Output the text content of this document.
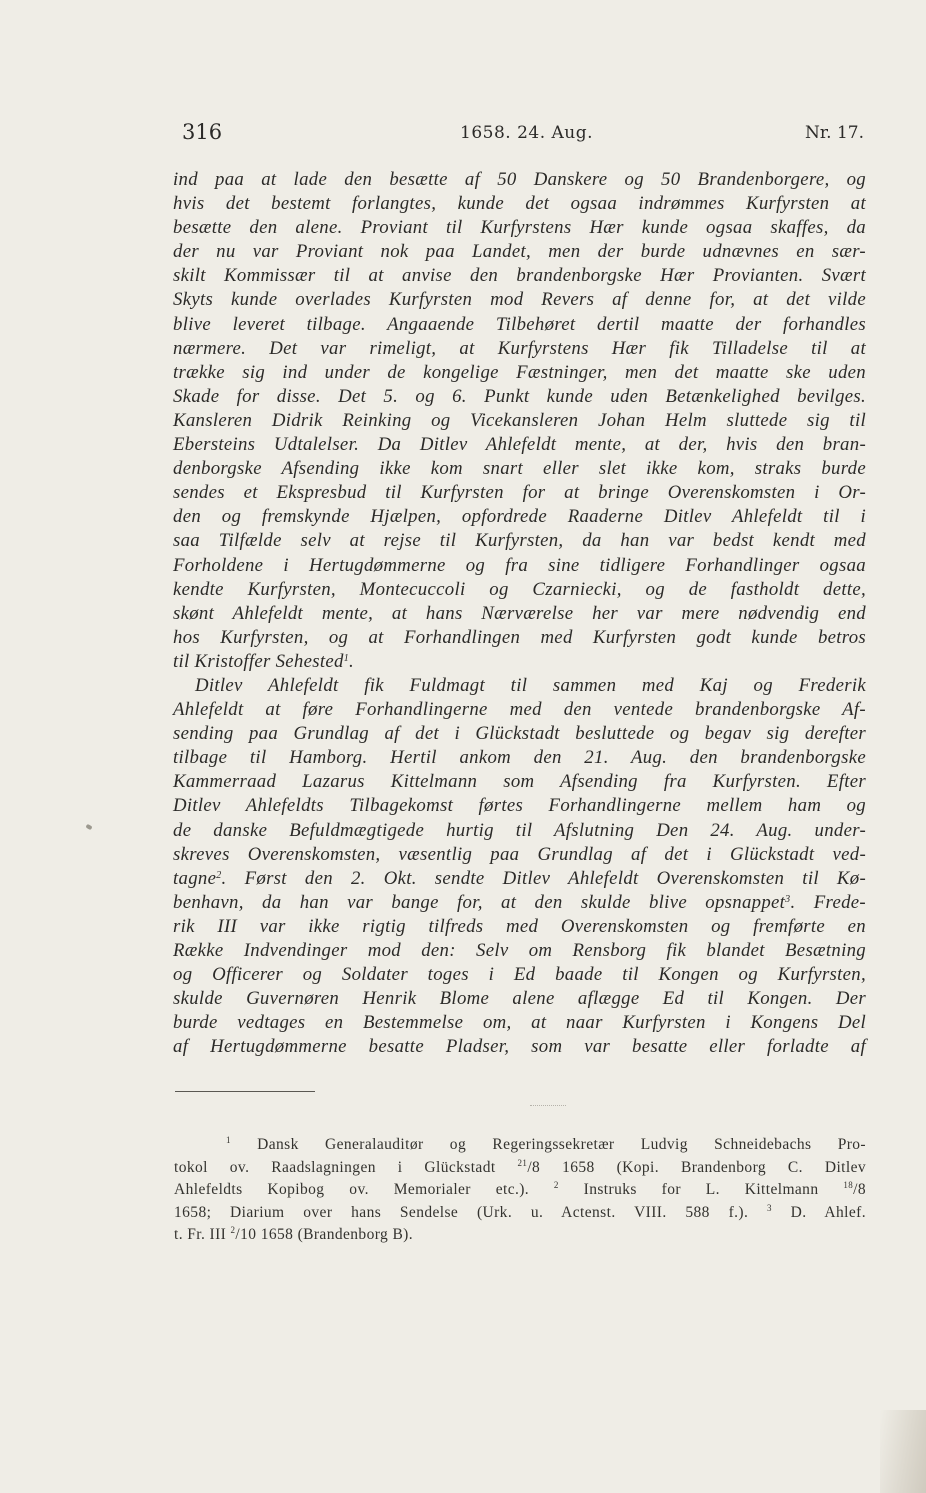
316	1658. 24. Aug.	Nr. 17.
ind paa at lade den besætte af 50 Danskere og 50 Brandenborgere, og
hvis det bestemt forlangtes, kunde det ogsaa indrømmes Kurfyrsten at
besætte den alene. Proviant til Kurfyrstens Hær kunde ogsaa skaffes, da
der nu var Proviant nok paa Landet, men der burde udnævnes en sær-
skilt Kommissær til at anvise den brandenborgske Hær Provianten. Svært
Skyts kunde overlades Kurfyrsten mod Revers af denne for, at det vilde
blive leveret tilbage. Angaaende Tilbehøret dertil maatte der forhandles
nærmere. Det var rimeligt, at Kurfyrstens Hær fik Tilladelse til at
trække sig ind under de kongelige Fæstninger, men det maatte ske uden
Skade for disse. Det 5. og 6. Punkt kunde uden Betænkelighed bevilges.
Kansleren Didrik Reinking og Vicekansleren Johan Helm sluttede sig til
Ebersteins Udtalelser. Da Ditlev Ahlefeldt mente, at der, hvis den bran-
denborgske Afsending ikke kom snart eller slet ikke kom, straks burde
sendes et Ekspresbud til Kurfyrsten for at bringe Overenskomsten i Or-
den og fremskynde Hjælpen, opfordrede Raaderne Ditlev Ahlefeldt til i
saa Tilfælde selv at rejse til Kurfyrsten, da han var bedst kendt med
Forholdene i Hertugdømmerne og fra sine tidligere Forhandlinger ogsaa
kendte Kurfyrsten, Montecuccoli og Czarniecki, og de fastholdt dette,
skønt Ahlefeldt mente, at hans Nærværelse her var mere nødvendig end
hos Kurfyrsten, og at Forhandlingen med Kurfyrsten godt kunde betros
til Kristoffer Sehested$^1$.
Ditlev Ahlefeldt fik Fuldmagt til sammen med Kaj og Frederik
Ahlefeldt at føre Forhandlingerne med den ventede brandenborgske Af-
sending paa Grundlag af det i Glückstadt besluttede og begav sig derefter
tilbage til Hamborg. Hertil ankom den 21. Aug. den brandenborgske
Kammerraad Lazarus Kittelmann som Afsending fra Kurfyrsten. Efter
Ditlev Ahlefeldts Tilbagekomst førtes Forhandlingerne mellem ham og
de danske Befuldmægtigede hurtig til Afslutning Den 24. Aug. under-
skreves Overenskomsten, væsentlig paa Grundlag af det i Glückstadt ved-
tagne$^2$. Først den 2. Okt. sendte Ditlev Ahlefeldt Overenskomsten til Kø-
benhavn, da han var bange for, at den skulde blive opsnappet$^3$. Frede-
rik III var ikke rigtig tilfreds med Overenskomsten og fremførte en
Række Indvendinger mod den: Selv om Rensborg fik blandet Besætning
og Officerer og Soldater toges i Ed baade til Kongen og Kurfyrsten,
skulde Guvernøren Henrik Blome alene aflægge Ed til Kongen. Der
burde vedtages en Bestemmelse om, at naar Kurfyrsten i Kongens Del
af Hertugdømmerne besatte Pladser, som var besatte eller forladte af
$^1$ Dansk Generalauditør og Regeringssekretær Ludvig Schneidebachs Pro-
tokol ov. Raadslagningen i Glückstadt $^{21}$/8 1658 (Kopi. Brandenborg C. Ditlev
Ahlefeldts Kopibog ov. Memorialer etc.). $^2$ Instruks for L. Kittelmann $^{18}$/8
1658; Diarium over hans Sendelse (Urk. u. Actenst. VIII. 588 f.). $^3$ D. Ahlef.
t. Fr. III $^2$/10 1658 (Brandenborg B).
